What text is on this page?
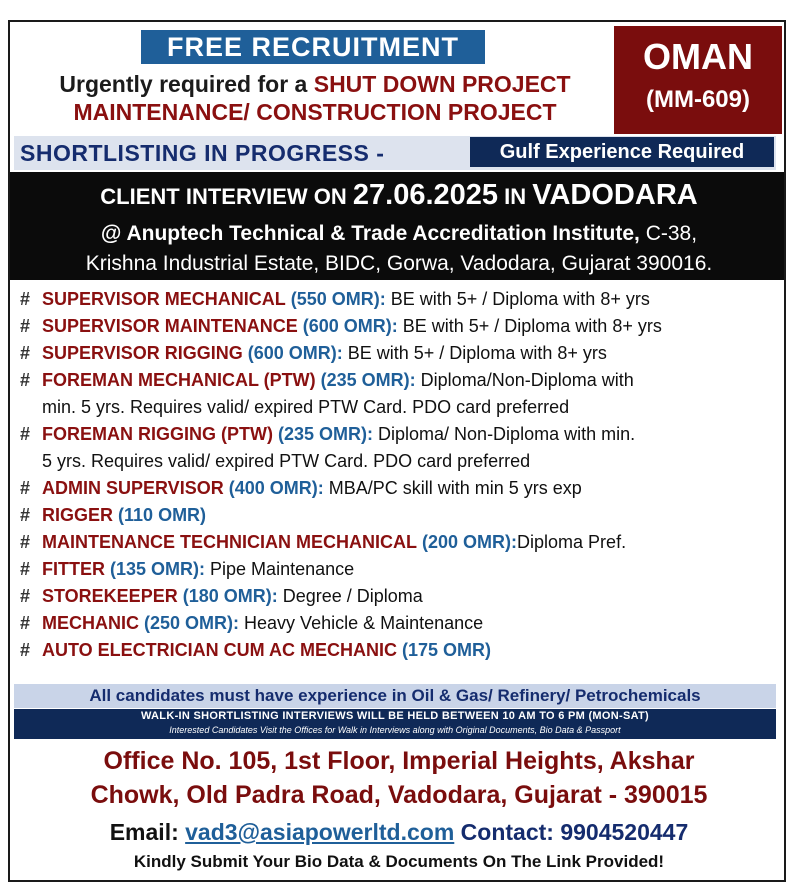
FREE RECRUITMENT
Urgently required for a SHUT DOWN PROJECT
MAINTENANCE/ CONSTRUCTION PROJECT
OMAN
(MM-609)
SHORTLISTING IN PROGRESS -	Gulf Experience Required
CLIENT INTERVIEW ON 27.06.2025 IN VADODARA
@ Anuptech Technical & Trade Accreditation Institute, C-38,
Krishna Industrial Estate, BIDC, Gorwa, Vadodara, Gujarat 390016.
# SUPERVISOR MECHANICAL (550 OMR): BE with 5+ / Diploma with 8+ yrs
# SUPERVISOR MAINTENANCE (600 OMR): BE with 5+ / Diploma with 8+ yrs
# SUPERVISOR RIGGING (600 OMR): BE with 5+ / Diploma with 8+ yrs
# FOREMAN MECHANICAL (PTW) (235 OMR): Diploma/Non-Diploma with
min. 5 yrs. Requires valid/ expired PTW Card. PDO card preferred
# FOREMAN RIGGING (PTW) (235 OMR): Diploma/ Non-Diploma with min.
5 yrs. Requires valid/ expired PTW Card. PDO card preferred
# ADMIN SUPERVISOR (400 OMR): MBA/PC skill with min 5 yrs exp
# RIGGER (110 OMR)
# MAINTENANCE TECHNICIAN MECHANICAL (200 OMR):Diploma Pref.
# FITTER (135 OMR): Pipe Maintenance
# STOREKEEPER (180 OMR): Degree / Diploma
# MECHANIC (250 OMR): Heavy Vehicle & Maintenance
# AUTO ELECTRICIAN CUM AC MECHANIC (175 OMR)
All candidates must have experience in Oil & Gas/ Refinery/ Petrochemicals
WALK-IN SHORTLISTING INTERVIEWS WILL BE HELD BETWEEN 10 AM TO 6 PM (MON-SAT)
Interested Candidates Visit the Offices for Walk in Interviews along with Original Documents, Bio Data & Passport
Office No. 105, 1st Floor, Imperial Heights, Akshar
Chowk, Old Padra Road, Vadodara, Gujarat - 390015
Email: vad3@asiapowerltd.com Contact: 9904520447
Kindly Submit Your Bio Data & Documents On The Link Provided!
